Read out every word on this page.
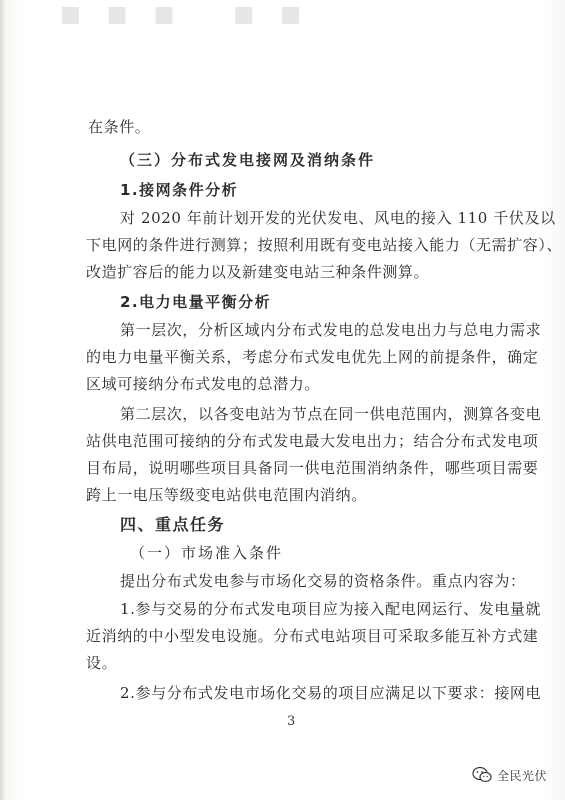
■■■ ■■
在条件。
（三）分布式发电接网及消纳条件
1.接网条件分析
对 2020 年前计划开发的光伏发电、风电的接入 110 千伏及以
下电网的条件进行测算；按照利用既有变电站接入能力（无需扩容）、
改造扩容后的能力以及新建变电站三种条件测算。
2.电力电量平衡分析
第一层次，分析区域内分布式发电的总发电出力与总电力需求
的电力电量平衡关系，考虑分布式发电优先上网的前提条件，确定
区域可接纳分布式发电的总潜力。
第二层次，以各变电站为节点在同一供电范围内，测算各变电
站供电范围可接纳的分布式发电最大发电出力；结合分布式发电项
目布局，说明哪些项目具备同一供电范围消纳条件，哪些项目需要
跨上一电压等级变电站供电范围内消纳。
四、重点任务
（一）市场准入条件
提出分布式发电参与市场化交易的资格条件。重点内容为：
1.参与交易的分布式发电项目应为接入配电网运行、发电量就
近消纳的中小型发电设施。分布式电站项目可采取多能互补方式建
设。
2.参与分布式发电市场化交易的项目应满足以下要求：接网电
3
全民光伏
